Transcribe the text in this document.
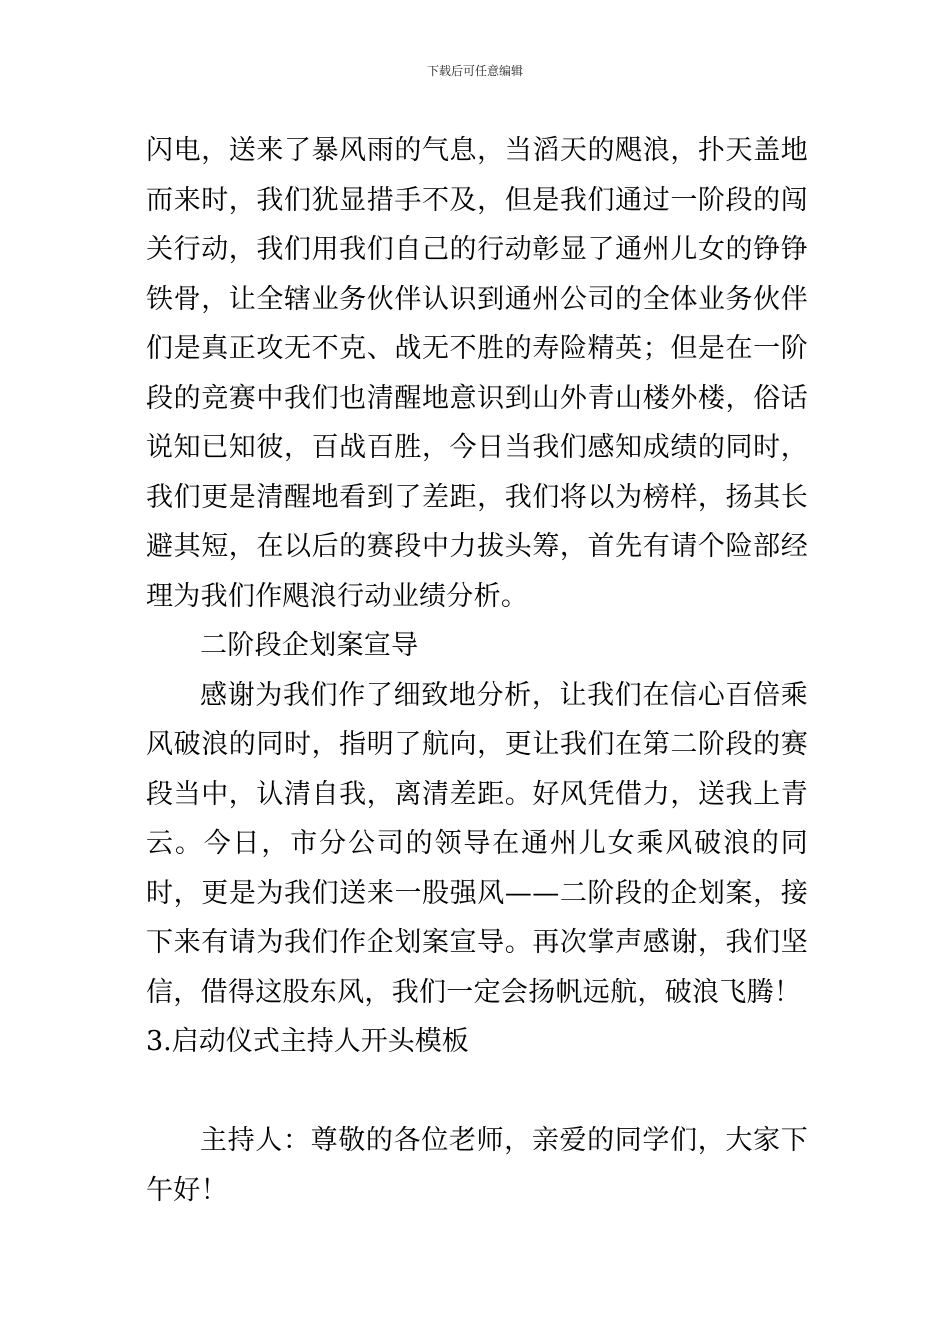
下载后可任意编辑

闪电，送来了暴风雨的气息，当滔天的飓浪，扑天盖地而来时，我们犹显措手不及，但是我们通过一阶段的闯关行动，我们用我们自己的行动彰显了通州儿女的铮铮铁骨，让全辖业务伙伴认识到通州公司的全体业务伙伴们是真正攻无不克、战无不胜的寿险精英；但是在一阶段的竞赛中我们也清醒地意识到山外青山楼外楼，俗话说知已知彼，百战百胜，今日当我们感知成绩的同时，我们更是清醒地看到了差距，我们将以为榜样，扬其长避其短，在以后的赛段中力拔头筹，首先有请个险部经理为我们作飓浪行动业绩分析。

二阶段企划案宣导

感谢为我们作了细致地分析，让我们在信心百倍乘风破浪的同时，指明了航向，更让我们在第二阶段的赛段当中，认清自我，离清差距。好风凭借力，送我上青云。今日，市分公司的领导在通州儿女乘风破浪的同时，更是为我们送来一股强风——二阶段的企划案，接下来有请为我们作企划案宣导。再次掌声感谢，我们坚信，借得这股东风，我们一定会扬帆远航，破浪飞腾！

3.启动仪式主持人开头模板

主持人：尊敬的各位老师，亲爱的同学们，大家下午好！
